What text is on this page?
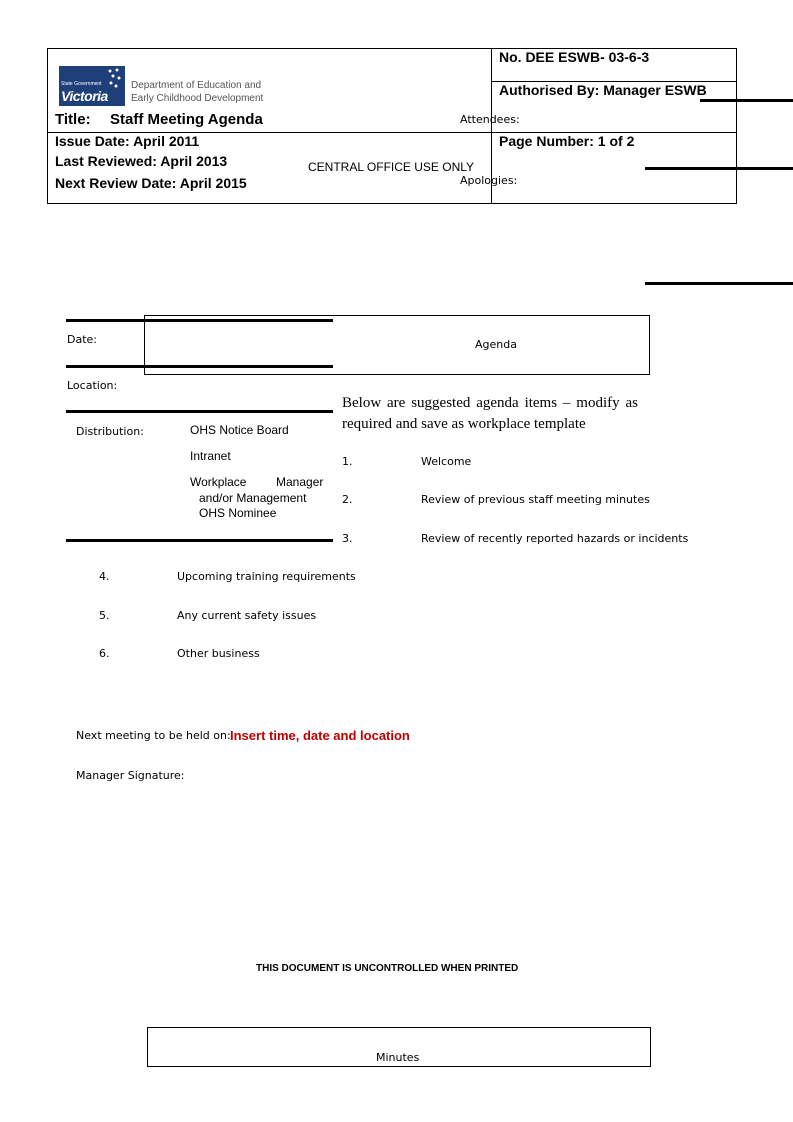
State Government
Victoria
Department of Education and
Early Childhood Development
No. DEE ESWB- 03-6-3
Authorised By: Manager ESWB
Title: Staff Meeting Agenda
Issue Date: April 2011	Page Number: 1 of 2
Last Reviewed: April 2013
Next Review Date: April 2015
CENTRAL OFFICE USE ONLY
Attendees:
Apologies:
Agenda
Date:
Location:
Distribution:	OHS Notice Board
Intranet
Workplace Manager
and/or Management
OHS Nominee
Below are suggested agenda items – modify as required and save as workplace template
1.	Welcome
2.	Review of previous staff meeting minutes
3.	Review of recently reported hazards or incidents
4.	Upcoming training requirements
5.	Any current safety issues
6.	Other business
Next meeting to be held on: Insert time, date and location
Manager Signature:
THIS DOCUMENT IS UNCONTROLLED WHEN PRINTED
Minutes
